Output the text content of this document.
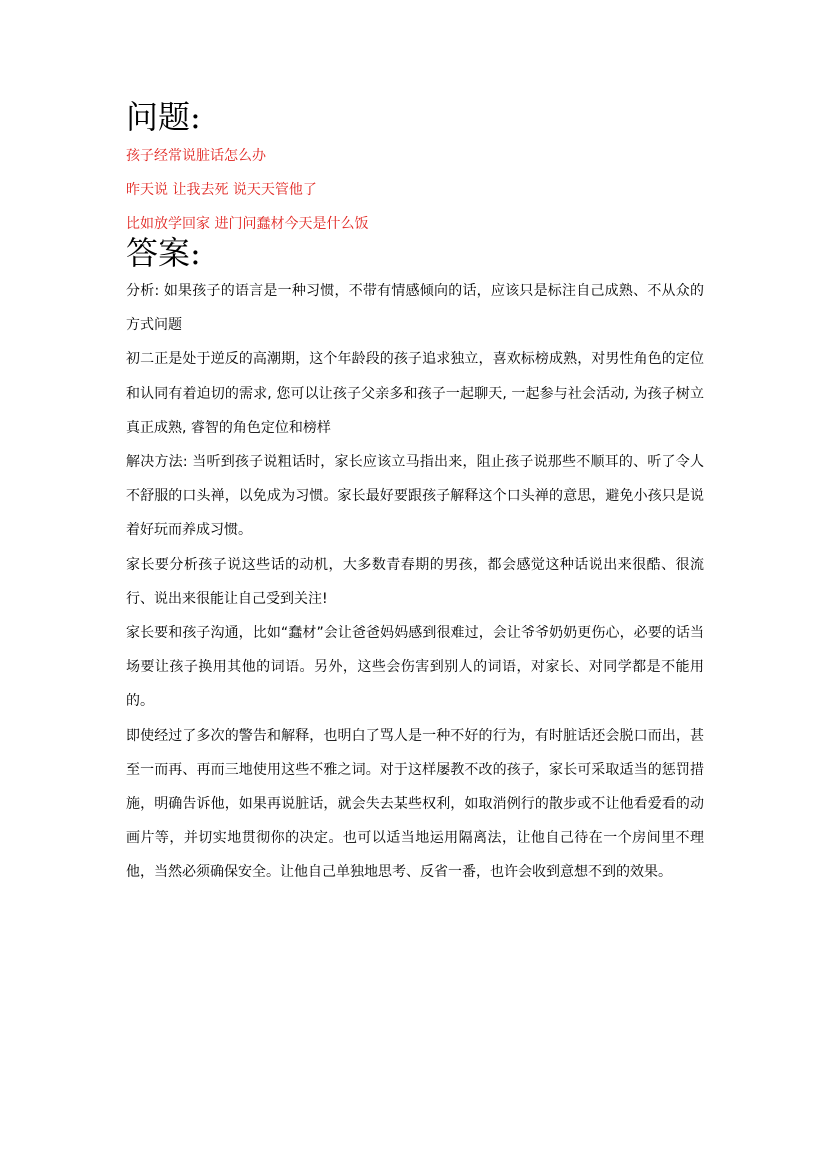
问题:

孩子经常说脏话怎么办

昨天说 让我去死 说天天管他了

比如放学回家 进门问蠢材今天是什么饭

答案:

分析: 如果孩子的语言是一种习惯，不带有情感倾向的话，应该只是标注自己成熟、不从众的方式问题

初二正是处于逆反的高潮期，这个年龄段的孩子追求独立，喜欢标榜成熟，对男性角色的定位和认同有着迫切的需求, 您可以让孩子父亲多和孩子一起聊天, 一起参与社会活动, 为孩子树立真正成熟, 睿智的角色定位和榜样

解决方法: 当听到孩子说粗话时，家长应该立马指出来，阻止孩子说那些不顺耳的、听了令人不舒服的口头禅，以免成为习惯。家长最好要跟孩子解释这个口头禅的意思，避免小孩只是说着好玩而养成习惯。

家长要分析孩子说这些话的动机，大多数青春期的男孩，都会感觉这种话说出来很酷、很流行、说出来很能让自己受到关注!

家长要和孩子沟通，比如“蠢材”会让爸爸妈妈感到很难过，会让爷爷奶奶更伤心，必要的话当场要让孩子换用其他的词语。另外，这些会伤害到别人的词语，对家长、对同学都是不能用的。

即使经过了多次的警告和解释，也明白了骂人是一种不好的行为，有时脏话还会脱口而出，甚至一而再、再而三地使用这些不雅之词。对于这样屡教不改的孩子，家长可采取适当的惩罚措施，明确告诉他，如果再说脏话，就会失去某些权利，如取消例行的散步或不让他看爱看的动画片等，并切实地贯彻你的决定。也可以适当地运用隔离法，让他自己待在一个房间里不理他，当然必须确保安全。让他自己单独地思考、反省一番，也许会收到意想不到的效果。
